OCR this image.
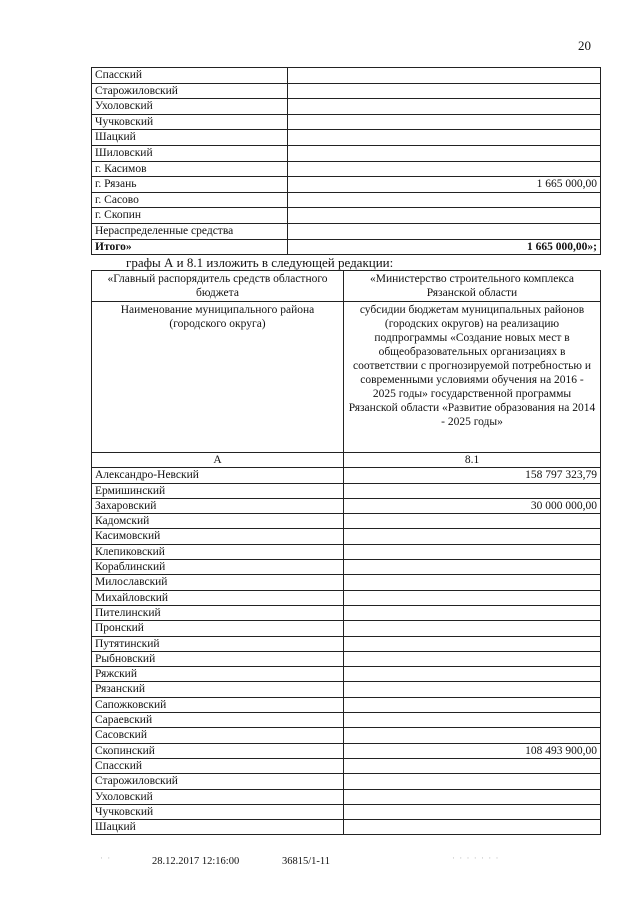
20
Спасский	
Старожиловский	
Ухоловский	
Чучковский	
Шацкий	
Шиловский	
г. Касимов	
г. Рязань	1 665 000,00
г. Сасово	
г. Скопин	
Нераспределенные средства	
Итого»	1 665 000,00»;
графы А и 8.1 изложить в следующей редакции:
«Главный распорядитель средств областного бюджета	«Министерство строительного комплекса Рязанской области
Наименование муниципального района (городского округа)	субсидии бюджетам муниципальных районов (городских округов) на реализацию подпрограммы «Создание новых мест в общеобразовательных организациях в соответствии с прогнозируемой потребностью и современными условиями обучения на 2016 - 2025 годы» государственной программы Рязанской области «Развитие образования на 2014 - 2025 годы»
А	8.1
Александро-Невский	158 797 323,79
Ермишинский	
Захаровский	30 000 000,00
Кадомский	
Касимовский	
Клепиковский	
Кораблинский	
Милославский	
Михайловский	
Пителинский	
Пронский	
Путятинский	
Рыбновский	
Ряжский	
Рязанский	
Сапожковский	
Сараевский	
Сасовский	
Скопинский	108 493 900,00
Спасский	
Старожиловский	
Ухоловский	
Чучковский	
Шацкий	
28.12.2017 12:16:00	36815/1-11
· ·	· · · · · · ·
